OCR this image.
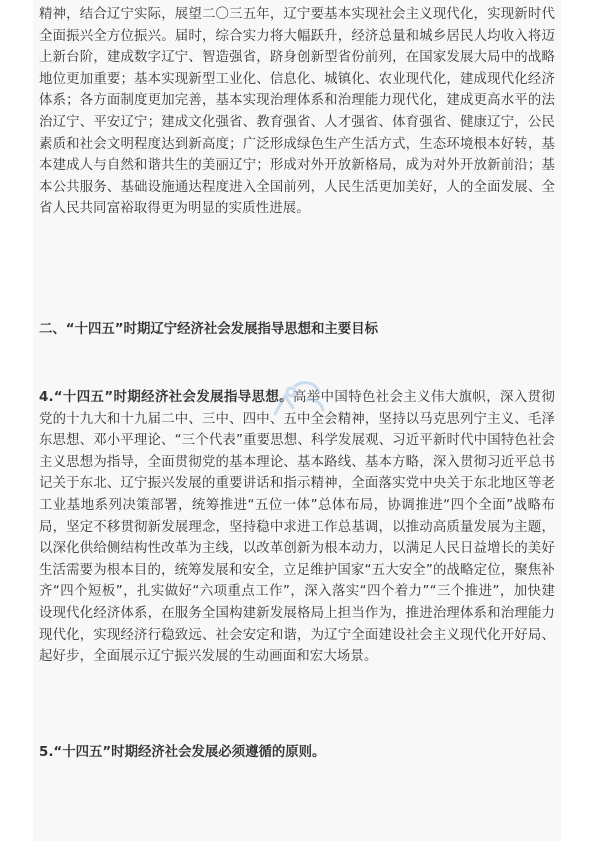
精神，结合辽宁实际，展望二〇三五年，辽宁要基本实现社会主义现代化，实现新时代全面振兴全方位振兴。届时，综合实力将大幅跃升，经济总量和城乡居民人均收入将迈上新台阶，建成数字辽宁、智造强省，跻身创新型省份前列，在国家发展大局中的战略地位更加重要；基本实现新型工业化、信息化、城镇化、农业现代化，建成现代化经济体系；各方面制度更加完善，基本实现治理体系和治理能力现代化，建成更高水平的法治辽宁、平安辽宁；建成文化强省、教育强省、人才强省、体育强省、健康辽宁，公民素质和社会文明程度达到新高度；广泛形成绿色生产生活方式，生态环境根本好转，基本建成人与自然和谐共生的美丽辽宁；形成对外开放新格局，成为对外开放新前沿；基本公共服务、基础设施通达程度进入全国前列，人民生活更加美好，人的全面发展、全省人民共同富裕取得更为明显的实质性进展。

二、“十四五”时期辽宁经济社会发展指导思想和主要目标

4.“十四五”时期经济社会发展指导思想。高举中国特色社会主义伟大旗帜，深入贯彻党的十九大和十九届二中、三中、四中、五中全会精神，坚持以马克思列宁主义、毛泽东思想、邓小平理论、“三个代表”重要思想、科学发展观、习近平新时代中国特色社会主义思想为指导，全面贯彻党的基本理论、基本路线、基本方略，深入贯彻习近平总书记关于东北、辽宁振兴发展的重要讲话和指示精神，全面落实党中央关于东北地区等老工业基地系列决策部署，统筹推进“五位一体”总体布局，协调推进“四个全面”战略布局，坚定不移贯彻新发展理念，坚持稳中求进工作总基调，以推动高质量发展为主题，以深化供给侧结构性改革为主线，以改革创新为根本动力，以满足人民日益增长的美好生活需要为根本目的，统筹发展和安全，立足维护国家“五大安全”的战略定位，聚焦补齐“四个短板”，扎实做好“六项重点工作”，深入落实“四个着力”“三个推进”，加快建设现代化经济体系，在服务全国构建新发展格局上担当作为，推进治理体系和治理能力现代化，实现经济行稳致远、社会安定和谐，为辽宁全面建设社会主义现代化开好局、起好步，全面展示辽宁振兴发展的生动画面和宏大场景。

5.“十四五”时期经济社会发展必须遵循的原则。
